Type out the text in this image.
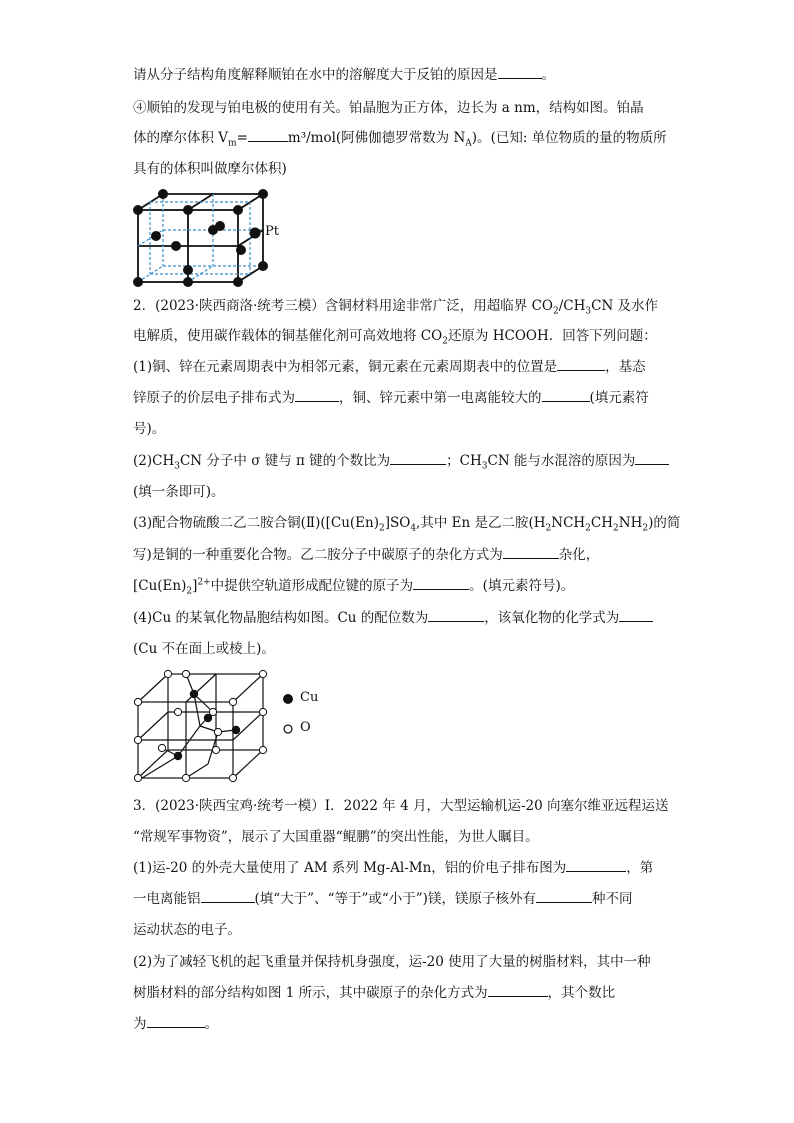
请从分子结构角度解释顺铂在水中的溶解度大于反铂的原因是	。
④顺铂的发现与铂电极的使用有关。铂晶胞为正方体，边长为 a nm，结构如图。铂晶
体的摩尔体积 $V_m=$	m³/mol(阿佛伽德罗常数为 $N_A$)。(已知: 单位物质的量的物质所
具有的体积叫做摩尔体积)
Pt
2．(2023·陕西商洛·统考三模）含铜材料用途非常广泛，用超临界 $CO_2/CH_3CN$ 及水作
电解质，使用碳作载体的铜基催化剂可高效地将 $CO_2$还原为 HCOOH．回答下列问题：
(1)铜、锌在元素周期表中为相邻元素，铜元素在元素周期表中的位置是	，基态
锌原子的价层电子排布式为	，铜、锌元素中第一电离能较大的	(填元素符
号)。
$(2)CH_3CN$ 分子中 σ 键与 π 键的个数比为	；$CH_3CN$ 能与水混溶的原因为
(填一条即可)。
(3)配合物硫酸二乙二胺合铜$(Ⅱ)([Cu(En)_2]SO_4$,其中 En 是乙二胺$(H_2NCH_2CH_2NH_2)$的简
写)是铜的一种重要化合物。乙二胺分子中碳原子的杂化方式为	杂化，
$[Cu(En)_2]^{2+}$中提供空轨道形成配位键的原子为	。(填元素符号)。
(4)Cu 的某氧化物晶胞结构如图。Cu 的配位数为	，该氧化物的化学式为
(Cu 不在面上或棱上)。
Cu
O
3．(2023·陕西宝鸡·统考一模）I．2022 年 4 月，大型运输机运-20 向塞尔维亚远程运送
“常规军事物资”，展示了大国重器“鲲鹏”的突出性能，为世人瞩目。
(1)运-20 的外壳大量使用了 AM 系列 Mg-Al-Mn，铝的价电子排布图为	，第
一电离能铝	(填“大于”、“等于”或“小于”)镁，镁原子核外有	种不同
运动状态的电子。
(2)为了减轻飞机的起飞重量并保持机身强度，运-20 使用了大量的树脂材料，其中一种
树脂材料的部分结构如图 1 所示，其中碳原子的杂化方式为	，其个数比
为	。
